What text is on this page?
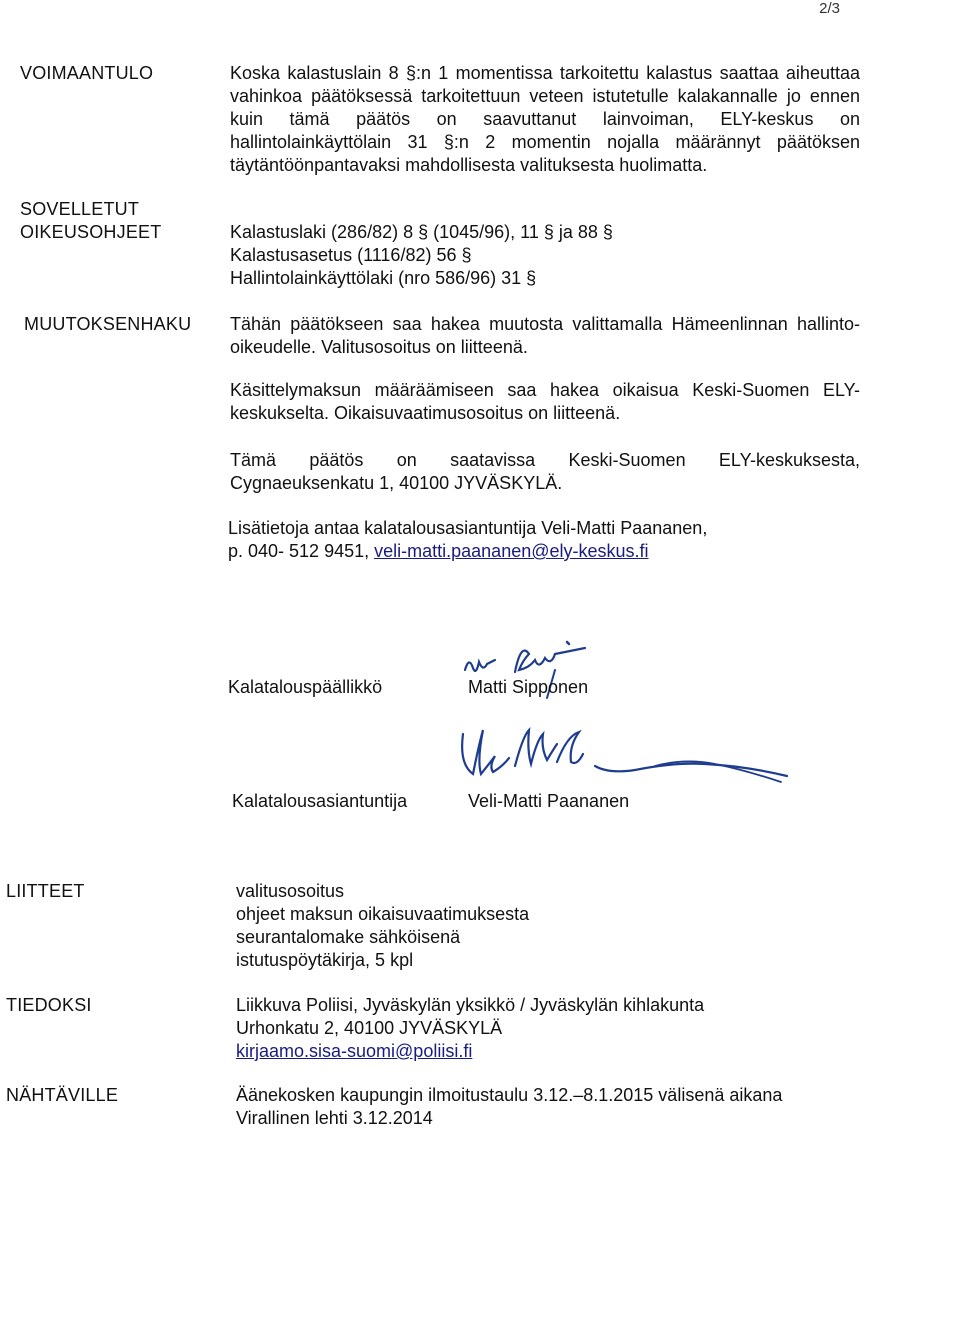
2/3
VOIMAANTULO	Koska kalastuslain 8 §:n 1 momentissa tarkoitettu kalastus saattaa aiheuttaa vahinkoa päätöksessä tarkoitettuun veteen istutetulle kalakannalle jo ennen kuin tämä päätös on saavuttanut lainvoiman, ELY-keskus on hallintolainkäyttölain 31 §:n 2 momentin nojalla määrännyt päätöksen täytäntöönpantavaksi mahdollisesta valituksesta huolimatta.
SOVELLETUT
OIKEUSOHJEET	Kalastuslaki (286/82) 8 § (1045/96), 11 § ja 88 §
Kalastusasetus (1116/82) 56 §
Hallintolainkäyttölaki (nro 586/96) 31 §
MUUTOKSENHAKU Tähän päätökseen saa hakea muutosta valittamalla Hämeenlinnan hallinto-oikeudelle. Valitusosoitus on liitteenä.
Käsittelymaksun määräämiseen saa hakea oikaisua Keski-Suomen ELY-keskukselta. Oikaisuvaatimusosoitus on liitteenä.
Tämä päätös on saatavissa Keski-Suomen ELY-keskuksesta, Cygnaeuksenkatu 1, 40100 JYVÄSKYLÄ.
Lisätietoja antaa kalatalousasiantuntija Veli-Matti Paananen,
p. 040- 512 9451, veli-matti.paananen@ely-keskus.fi
Kalatalouspäällikkö	Matti Sipponen
Kalatalousasiantuntija	Veli-Matti Paananen
LIITTEET	valitusosoitus
ohjeet maksun oikaisuvaatimuksesta
seurantalomake sähköisenä
istutuspöytäkirja, 5 kpl
TIEDOKSI	Liikkuva Poliisi, Jyväskylän yksikkö / Jyväskylän kihlakunta
Urhonkatu 2, 40100 JYVÄSKYLÄ
kirjaamo.sisa-suomi@poliisi.fi
NÄHTÄVILLE	Äänekosken kaupungin ilmoitustaulu 3.12.–8.1.2015 välisenä aikana
Virallinen lehti 3.12.2014
